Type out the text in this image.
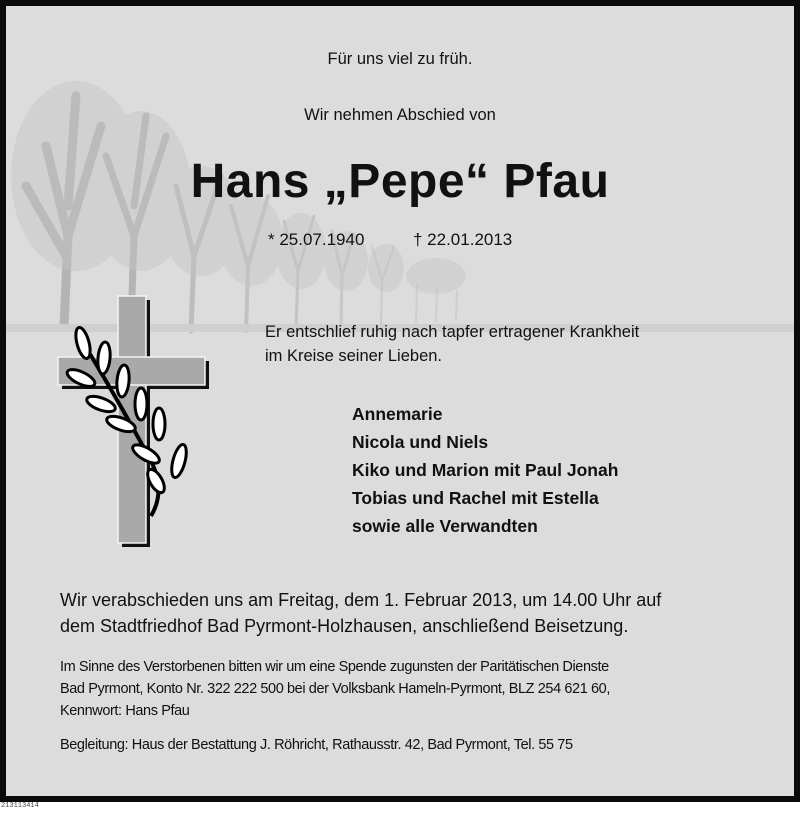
Für uns viel zu früh.
Wir nehmen Abschied von
Hans „Pepe“ Pfau
* 25.07.1940	† 22.01.2013
Er entschlief ruhig nach tapfer ertragener Krankheit
im Kreise seiner Lieben.
Annemarie
Nicola und Niels
Kiko und Marion mit Paul Jonah
Tobias und Rachel mit Estella
sowie alle Verwandten
Wir verabschieden uns am Freitag, dem 1. Februar 2013, um 14.00 Uhr auf
dem Stadtfriedhof Bad Pyrmont-Holzhausen, anschließend Beisetzung.
Im Sinne des Verstorbenen bitten wir um eine Spende zugunsten der Paritätischen Dienste
Bad Pyrmont, Konto Nr. 322 222 500 bei der Volksbank Hameln-Pyrmont, BLZ 254 621 60,
Kennwort: Hans Pfau
Begleitung: Haus der Bestattung J. Röhricht, Rathausstr. 42, Bad Pyrmont, Tel. 55 75
213113414
